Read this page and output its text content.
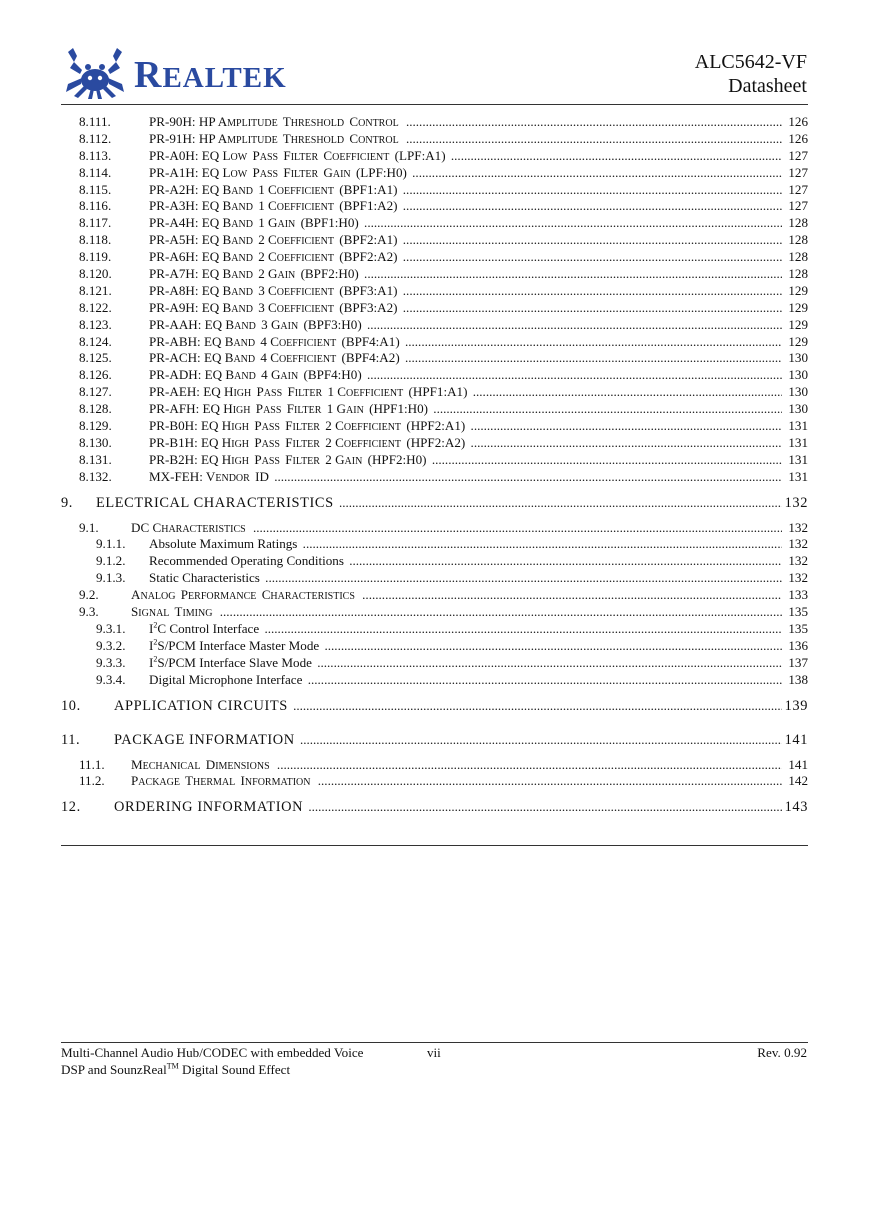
REALTEK	ALC5642-VF
Datasheet
8.111.	PR-90H: HP AMPLITUDE THRESHOLD CONTROL .....	126
8.112.	PR-91H: HP AMPLITUDE THRESHOLD CONTROL .....	126
8.113.	PR-A0H: EQ LOW PASS FILTER COEFFICIENT (LPF:A1) .....	127
8.114.	PR-A1H: EQ LOW PASS FILTER GAIN (LPF:H0) .....	127
8.115.	PR-A2H: EQ BAND 1 COEFFICIENT (BPF1:A1) .....	127
8.116.	PR-A3H: EQ BAND 1 COEFFICIENT (BPF1:A2) .....	127
8.117.	PR-A4H: EQ BAND 1 GAIN (BPF1:H0) .....	128
8.118.	PR-A5H: EQ BAND 2 COEFFICIENT (BPF2:A1) .....	128
8.119.	PR-A6H: EQ BAND 2 COEFFICIENT (BPF2:A2) .....	128
8.120.	PR-A7H: EQ BAND 2 GAIN (BPF2:H0) .....	128
8.121.	PR-A8H: EQ BAND 3 COEFFICIENT (BPF3:A1) .....	129
8.122.	PR-A9H: EQ BAND 3 COEFFICIENT (BPF3:A2) .....	129
8.123.	PR-AAH: EQ BAND 3 GAIN (BPF3:H0) .....	129
8.124.	PR-ABH: EQ BAND 4 COEFFICIENT (BPF4:A1) .....	129
8.125.	PR-ACH: EQ BAND 4 COEFFICIENT (BPF4:A2) .....	130
8.126.	PR-ADH: EQ BAND 4 GAIN (BPF4:H0) .....	130
8.127.	PR-AEH: EQ HIGH PASS FILTER 1 COEFFICIENT (HPF1:A1) .....	130
8.128.	PR-AFH: EQ HIGH PASS FILTER 1 GAIN (HPF1:H0) .....	130
8.129.	PR-B0H: EQ HIGH PASS FILTER 2 COEFFICIENT (HPF2:A1) .....	131
8.130.	PR-B1H: EQ HIGH PASS FILTER 2 COEFFICIENT (HPF2:A2) .....	131
8.131.	PR-B2H: EQ HIGH PASS FILTER 2 GAIN (HPF2:H0) .....	131
8.132.	MX-FEH: VENDOR ID .....	131
9. ELECTRICAL CHARACTERISTICS .....	132
9.1. DC CHARACTERISTICS .....	132
9.1.1. Absolute Maximum Ratings .....	132
9.1.2. Recommended Operating Conditions .....	132
9.1.3. Static Characteristics .....	132
9.2. ANALOG PERFORMANCE CHARACTERISTICS .....	133
9.3. SIGNAL TIMING .....	135
9.3.1. $I^2C$ Control Interface .....	135
9.3.2. $I^2S$/PCM Interface Master Mode .....	136
9.3.3. $I^2S$/PCM Interface Slave Mode .....	137
9.3.4. Digital Microphone Interface .....	138
10. APPLICATION CIRCUITS .....	139
11. PACKAGE INFORMATION .....	141
11.1. MECHANICAL DIMENSIONS .....	141
11.2. PACKAGE THERMAL INFORMATION .....	142
12. ORDERING INFORMATION .....	143
Multi-Channel Audio Hub/CODEC with embedded Voice
DSP and SounzReal™ Digital Sound Effect
vii	Rev. 0.92
